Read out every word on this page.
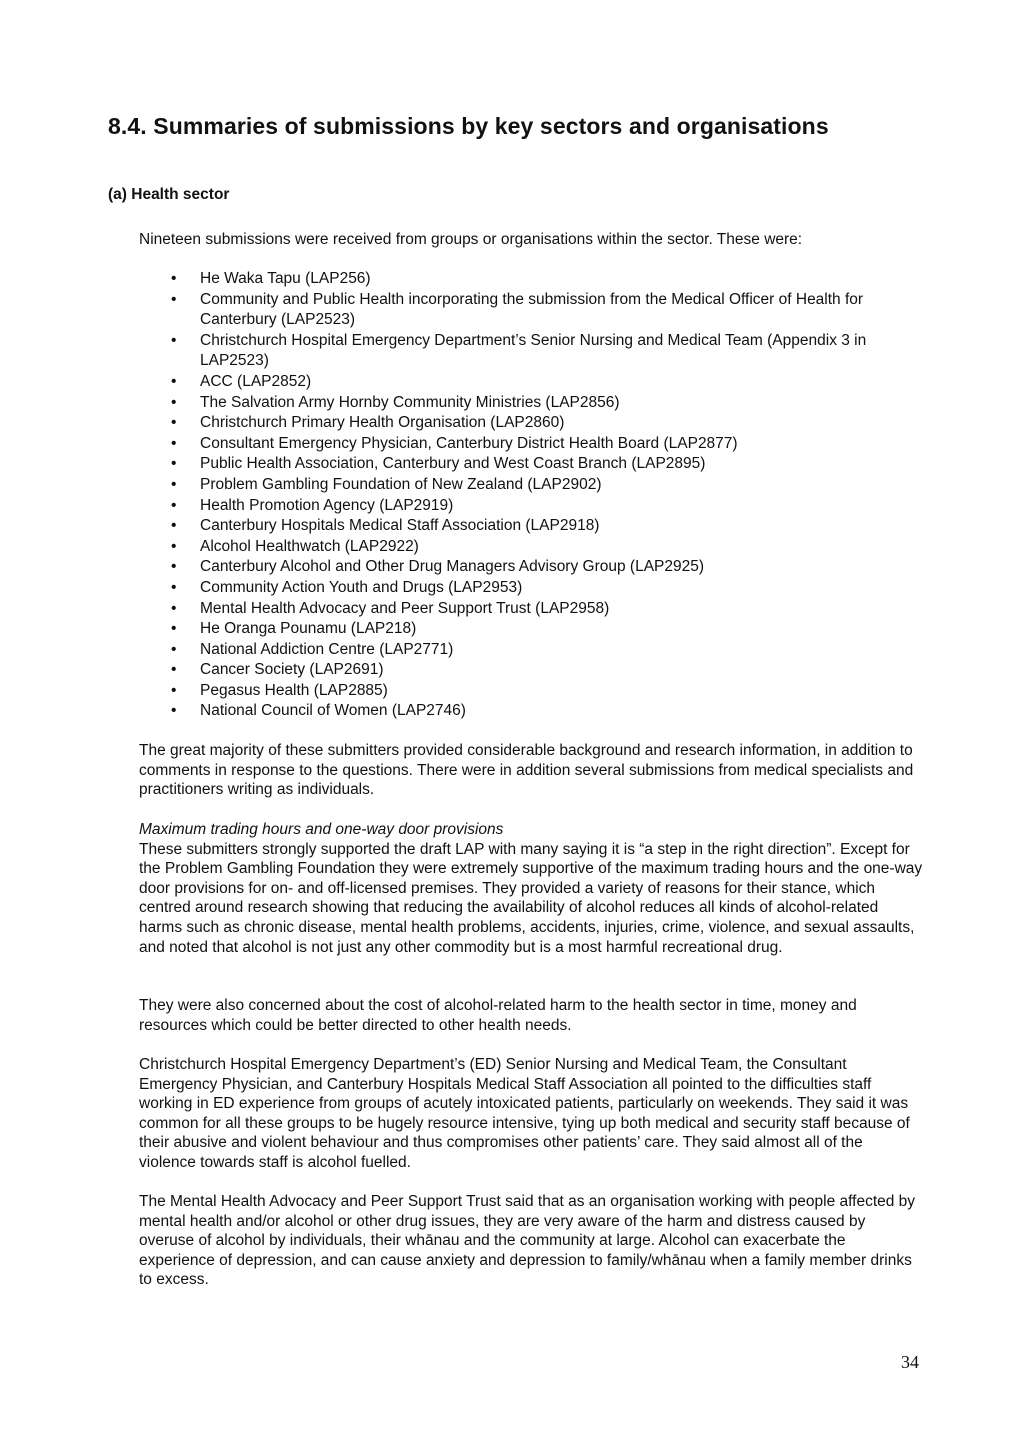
8.4. Summaries of submissions by key sectors and organisations
(a) Health sector

Nineteen submissions were received from groups or organisations within the sector. These were:

• He Waka Tapu (LAP256)
• Community and Public Health incorporating the submission from the Medical Officer of Health for Canterbury (LAP2523)
• Christchurch Hospital Emergency Department’s Senior Nursing and Medical Team (Appendix 3 in LAP2523)
• ACC (LAP2852)
• The Salvation Army Hornby Community Ministries (LAP2856)
• Christchurch Primary Health Organisation (LAP2860)
• Consultant Emergency Physician, Canterbury District Health Board (LAP2877)
• Public Health Association, Canterbury and West Coast Branch (LAP2895)
• Problem Gambling Foundation of New Zealand (LAP2902)
• Health Promotion Agency (LAP2919)
• Canterbury Hospitals Medical Staff Association (LAP2918)
• Alcohol Healthwatch (LAP2922)
• Canterbury Alcohol and Other Drug Managers Advisory Group (LAP2925)
• Community Action Youth and Drugs (LAP2953)
• Mental Health Advocacy and Peer Support Trust (LAP2958)
• He Oranga Pounamu (LAP218)
• National Addiction Centre (LAP2771)
• Cancer Society (LAP2691)
• Pegasus Health (LAP2885)
• National Council of Women (LAP2746)

The great majority of these submitters provided considerable background and research information, in addition to comments in response to the questions. There were in addition several submissions from medical specialists and practitioners writing as individuals.

Maximum trading hours and one-way door provisions
These submitters strongly supported the draft LAP with many saying it is “a step in the right direction”. Except for the Problem Gambling Foundation they were extremely supportive of the maximum trading hours and the one-way door provisions for on- and off-licensed premises. They provided a variety of reasons for their stance, which centred around research showing that reducing the availability of alcohol reduces all kinds of alcohol-related harms such as chronic disease, mental health problems, accidents, injuries, crime, violence, and sexual assaults, and noted that alcohol is not just any other commodity but is a most harmful recreational drug.

They were also concerned about the cost of alcohol-related harm to the health sector in time, money and resources which could be better directed to other health needs.

Christchurch Hospital Emergency Department’s (ED) Senior Nursing and Medical Team, the Consultant Emergency Physician, and Canterbury Hospitals Medical Staff Association all pointed to the difficulties staff working in ED experience from groups of acutely intoxicated patients, particularly on weekends. They said it was common for all these groups to be hugely resource intensive, tying up both medical and security staff because of their abusive and violent behaviour and thus compromises other patients’ care. They said almost all of the violence towards staff is alcohol fuelled.

The Mental Health Advocacy and Peer Support Trust said that as an organisation working with people affected by mental health and/or alcohol or other drug issues, they are very aware of the harm and distress caused by overuse of alcohol by individuals, their whānau and the community at large. Alcohol can exacerbate the experience of depression, and can cause anxiety and depression to family/whānau when a family member drinks to excess.

34
